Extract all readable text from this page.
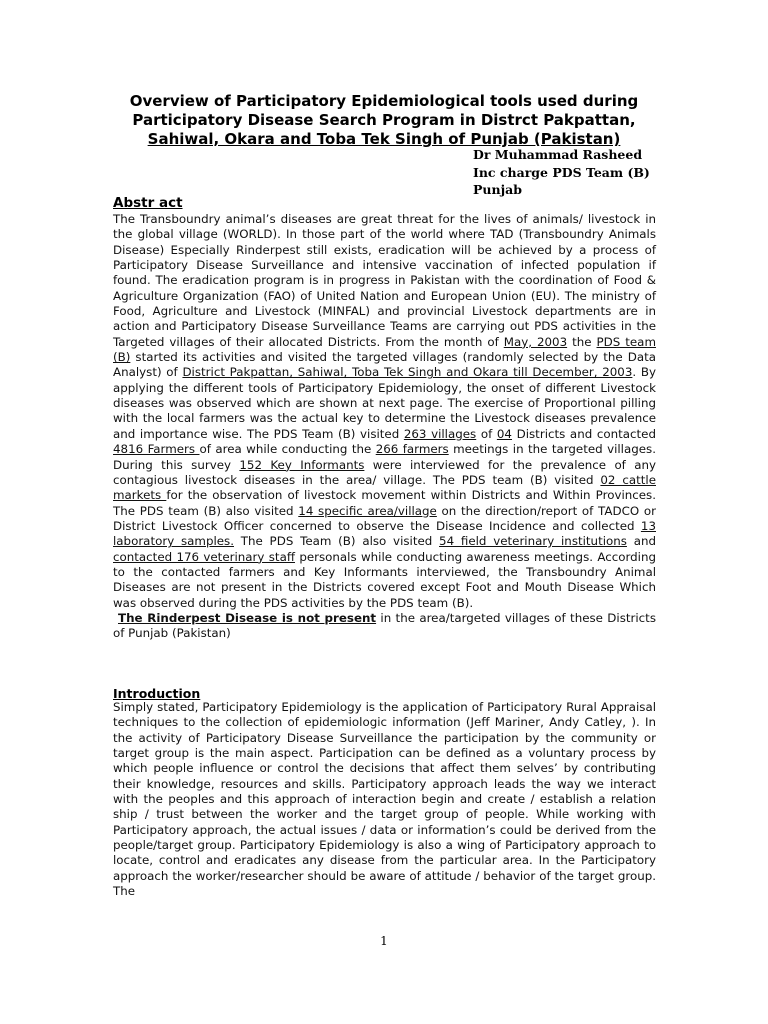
Overview of Participatory Epidemiological tools used during
Participatory Disease Search Program in Distrct Pakpattan,
Sahiwal, Okara and Toba Tek Singh of Punjab (Pakistan)
Dr Muhammad Rasheed
Inc charge PDS Team (B)
Punjab
Abstr act
The Transboundry animal’s diseases are great threat for the lives of animals/ livestock in the global village (WORLD). In those part of the world where TAD (Transboundry Animals Disease) Especially Rinderpest still exists, eradication will be achieved by a process of Participatory Disease Surveillance and intensive vaccination of infected population if found. The eradication program is in progress in Pakistan with the coordination of Food & Agriculture Organization (FAO) of United Nation and European Union (EU). The ministry of Food, Agriculture and Livestock (MINFAL) and provincial Livestock departments are in action and Participatory Disease Surveillance Teams are carrying out PDS activities in the Targeted villages of their allocated Districts. From the month of May, 2003 the PDS team (B) started its activities and visited the targeted villages (randomly selected by the Data Analyst) of District Pakpattan, Sahiwal, Toba Tek Singh and Okara till December, 2003. By applying the different tools of Participatory Epidemiology, the onset of different Livestock diseases was observed which are shown at next page. The exercise of Proportional pilling with the local farmers was the actual key to determine the Livestock diseases prevalence and importance wise. The PDS Team (B) visited 263 villages of 04 Districts and contacted 4816 Farmers of area while conducting the 266 farmers meetings in the targeted villages. During this survey 152 Key Informants were interviewed for the prevalence of any contagious livestock diseases in the area/ village. The PDS team (B) visited 02 cattle markets for the observation of livestock movement within Districts and Within Provinces. The PDS team (B) also visited 14 specific area/village on the direction/report of TADCO or District Livestock Officer concerned to observe the Disease Incidence and collected 13 laboratory samples. The PDS Team (B) also visited 54 field veterinary institutions and contacted 176 veterinary staff personals while conducting awareness meetings. According to the contacted farmers and Key Informants interviewed, the Transboundry Animal Diseases are not present in the Districts covered except Foot and Mouth Disease Which was observed during the PDS activities by the PDS team (B).
The Rinderpest Disease is not present in the area/targeted villages of these Districts of Punjab (Pakistan)
Introduction
Simply stated, Participatory Epidemiology is the application of Participatory Rural Appraisal techniques to the collection of epidemiologic information (Jeff Mariner, Andy Catley, ). In the activity of Participatory Disease Surveillance the participation by the community or target group is the main aspect. Participation can be defined as a voluntary process by which people influence or control the decisions that affect them selves’ by contributing their knowledge, resources and skills. Participatory approach leads the way we interact with the peoples and this approach of interaction begin and create / establish a relation ship / trust between the worker and the target group of people. While working with Participatory approach, the actual issues / data or information’s could be derived from the people/target group. Participatory Epidemiology is also a wing of Participatory approach to locate, control and eradicates any disease from the particular area. In the Participatory approach the worker/researcher should be aware of attitude / behavior of the target group. The
1
